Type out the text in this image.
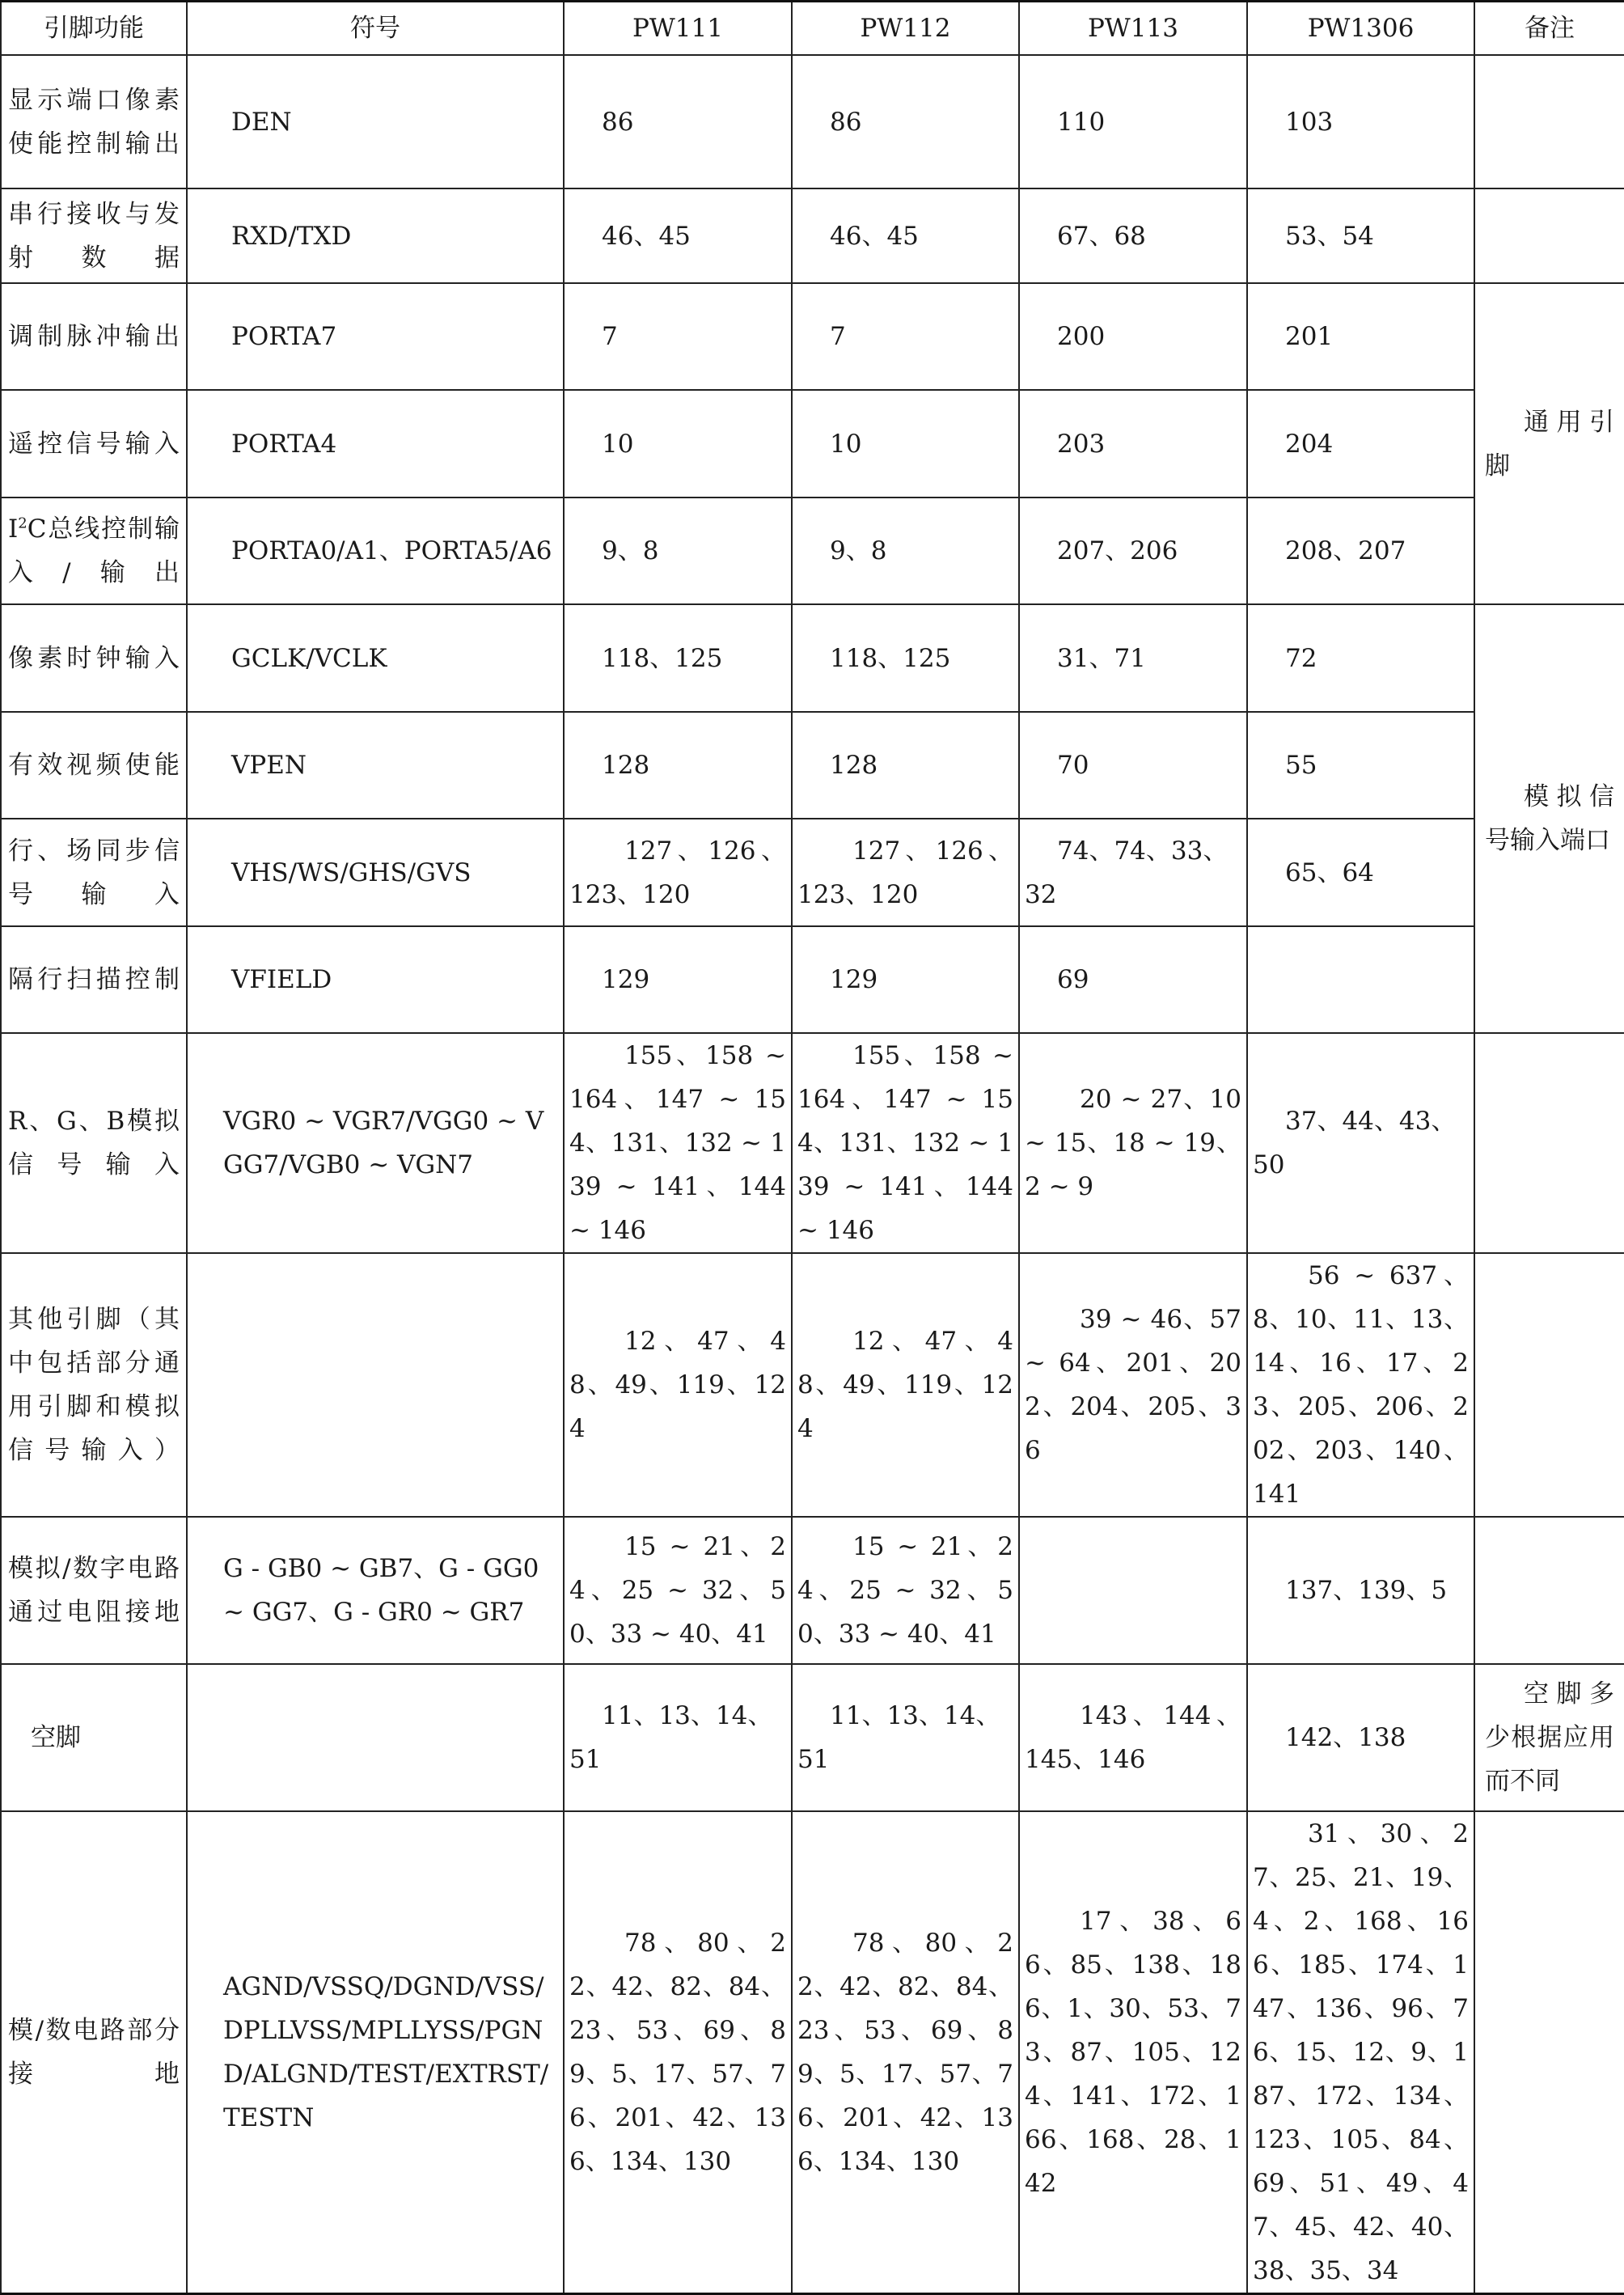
引脚功能	符号	PW111	PW112	PW113	PW1306	备注
显示端口像素使能控制输出	DEN	86	86	110	103	
串行接收与发射数据	RXD/TXD	46、45	46、45	67、68	53、54	
调制脉冲输出	PORTA7	7	7	200	201	通用引脚
遥控信号输入	PORTA4	10	10	203	204	
$I^2C$总线控制输入/输出	PORTA0/A1、PORTA5/A6	9、8	9、8	207、206	208、207	
像素时钟输入	GCLK/VCLK	118、125	118、125	31、71	72	模拟信号输入端口
有效视频使能	VPEN	128	128	70	55	
行、场同步信号输入	VHS/WS/GHS/GVS	127、126、123、120	127、126、123、120	74、74、33、32	65、64	
隔行扫描控制	VFIELD	129	129	69		
R、G、B模拟信号输入	VGR0 ~ VGR7/VGG0 ~ VGG7/VGB0 ~ VGN7	155、158 ~ 164、147 ~ 154、131、132 ~ 139 ~ 141、144 ~ 146	155、158 ~ 164、147 ~ 154、131、132 ~ 139 ~ 141、144 ~ 146	20 ~ 27、10 ~ 15、18 ~ 19、2 ~ 9	37、44、43、50	
其他引脚（其中包括部分通用引脚和模拟信号输入）		12、47、48、49、119、124	12、47、48、49、119、124	39 ~ 46、57 ~ 64、201、202、204、205、36	56 ~ 637、8、10、11、13、14、16、17、23、205、206、202、203、140、141	
模拟/数字电路通过电阻接地	G - GB0 ~ GB7、G - GG0 ~ GG7、G - GR0 ~ GR7	15 ~ 21、24、25 ~ 32、50、33 ~ 40、41	15 ~ 21、24、25 ~ 32、50、33 ~ 40、41		137、139、5	
空脚		11、13、14、51	11、13、14、51	143、144、145、146	142、138	空脚多少根据应用而不同
模/数电路部分接地	AGND/VSSQ/DGND/VSS/DPLLVSS/MPLLYSS/PGND/ALGND/TEST/EXTRST/TESTN	78、80、22、42、82、84、23、53、69、89、5、17、57、76、201、42、136、134、130	78、80、22、42、82、84、23、53、69、89、5、17、57、76、201、42、136、134、130	17、38、66、85、138、186、1、30、53、73、87、105、124、141、172、166、168、28、142	31、30、27、25、21、19、4、2、168、166、185、174、147、136、96、76、15、12、9、187、172、134、123、105、84、69、51、49、47、45、42、40、38、35、34	
